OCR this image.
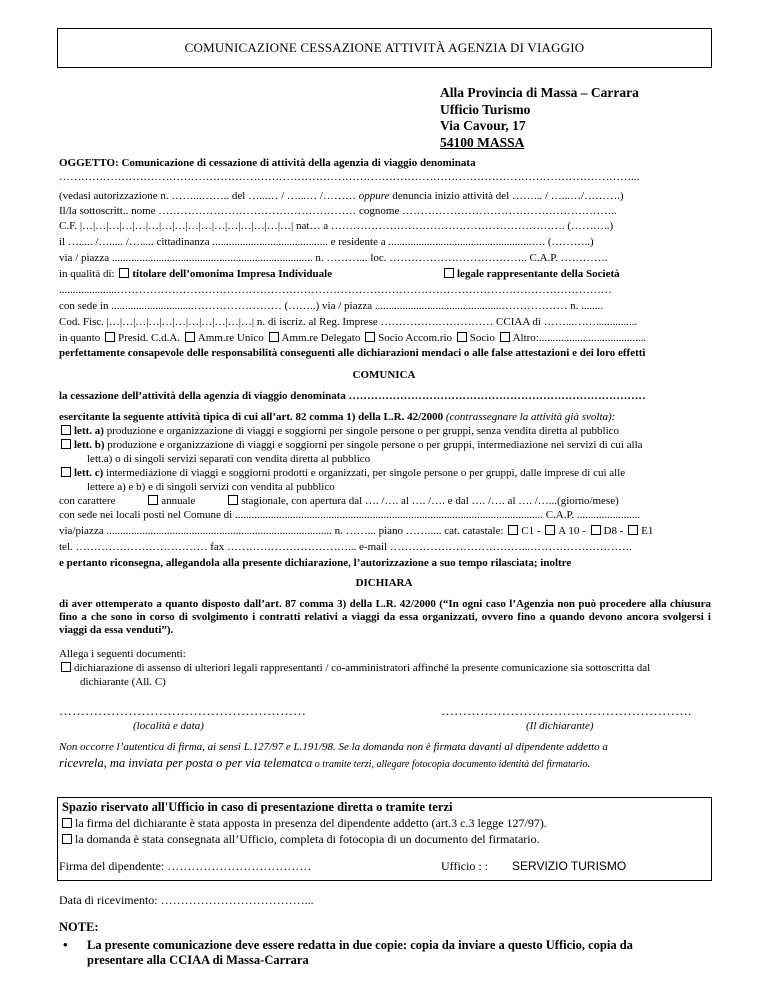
COMUNICAZIONE CESSAZIONE ATTIVITÀ AGENZIA DI VIAGGIO
Alla Provincia di Massa – Carrara
Ufficio Turismo
Via Cavour, 17
54100 MASSA
OGGETTO: Comunicazione di cessazione di attività della agenzia di viaggio denominata
…………………………………………………………………………………………………………………………………………...
(vedasi autorizzazione n. ……...…….. del …...… / …...… /……… oppure denuncia inizio attività del ……... / …...…/……….)
Il/la sottoscritt.. nome ……………………………………………… cognome …………………………………………………..
C.F. |…|…|…|…|…|…|…|…|…|…|…|…|…|…|…|…| nat… a ………………………………………………………. (………..)
il …..... /…..... /…..... cittadinanza .......................................... e residente a ....................................................…. (………..)
via / piazza ......................................................................... n. ………... loc. ……………………………….. C.A.P. ………….
in qualità di: titolare dell’omonima Impresa Individuale	legale rappresentante della Società
.....................………………………………………………………………………………………………………………………
con sede in ..............................…………………… (……..) via / piazza ..............................................……………… n. ........
Cod. Fisc. |…|…|…|…|…|…|…|…|…|…|…| n. di iscriz. al Reg. Imprese …………….…………… CCIAA di ……...……...............
in quanto Presid. C.d.A. Amm.re Unico Amm.re Delegato Socio Accom.rio Socio Altro:.......................................
perfettamente consapevole delle responsabilità conseguenti alle dichiarazioni mendaci o alle false attestazioni e dei loro effetti
COMUNICA
la cessazione dell’attività della agenzia di viaggio denominata ………………………………………………………………………
esercitante la seguente attività tipica di cui all’art. 82 comma 1) della L.R. 42/2000 (contrassegnare la attività già svolta):
lett. a) produzione e organizzazione di viaggi e soggiorni per singole persone o per gruppi, senza vendita diretta al pubblico
lett. b) produzione e organizzazione di viaggi e soggiorni per singole persone o per gruppi, intermediazione nei servizi di cui alla
lett.a) o di singoli servizi separati con vendita diretta al pubblico
lett. c) intermediazione di viaggi e soggiorni prodotti e organizzati, per singole persone o per gruppi, dalle imprese di cui alle
lettere a) e b) e di singoli servizi con vendita al pubblico
con carattere	annuale	stagionale, con apertura dal …. /…. al …. /…. e dal …. /…. al …. /…...(giorno/mese)
con sede nei locali posti nel Comune di ................................................................................................................ C.A.P. .......................
via/piazza .................................................................................. n. ……... piano ……..... cat. catastale: C1 - A 10 - D8 - E1
tel. ……………………………… fax ……………………………... e-mail ………………………………...……………………….
e pertanto riconsegna, allegandola alla presente dichiarazione, l’autorizzazione a suo tempo rilasciata; inoltre
DICHIARA
di aver ottemperato a quanto disposto dall’art. 87 comma 3) della L.R. 42/2000 (“In ogni caso l’Agenzia non può procedere alla chiusura fino a che sono in corso di svolgimento i contratti relativi a viaggi da essa organizzati, ovvero fino a quando devono ancora svolgersi i viaggi da essa venduti”).
Allega i seguenti documenti:
dichiarazione di assenso di ulteriori legali rappresentanti / co-amministratori affinché la presente comunicazione sia sottoscritta dal
dichiarante (All. C)
…………………………………………………	………………………………………………….
(località e data)	(Il dichiarante)
Non occorre l’autentica di firma, ai sensi L.127/97 e L.191/98. Se la domanda non è firmata davanti al dipendente addetto a
ricevrela, ma inviata per posta o per via telematca o tramite terzi, allegare fotocopia documento identità del firmatario.
Spazio riservato all'Ufficio in caso di presentazione diretta o tramite terzi
la firma del dichiarante è stata apposta in presenza del dipendente addetto (art.3 c.3 legge 127/97).
la domanda è stata consegnata all’Ufficio, completa di fotocopia di un documento del firmatario.
Firma del dipendente: ………………………………	Ufficio : : SERVIZIO TURISMO
Data di ricevimento: ………………………………...
NOTE:
• La presente comunicazione deve essere redatta in due copie: copia da inviare a questo Ufficio, copia da
presentare alla CCIAA di Massa-Carrara
